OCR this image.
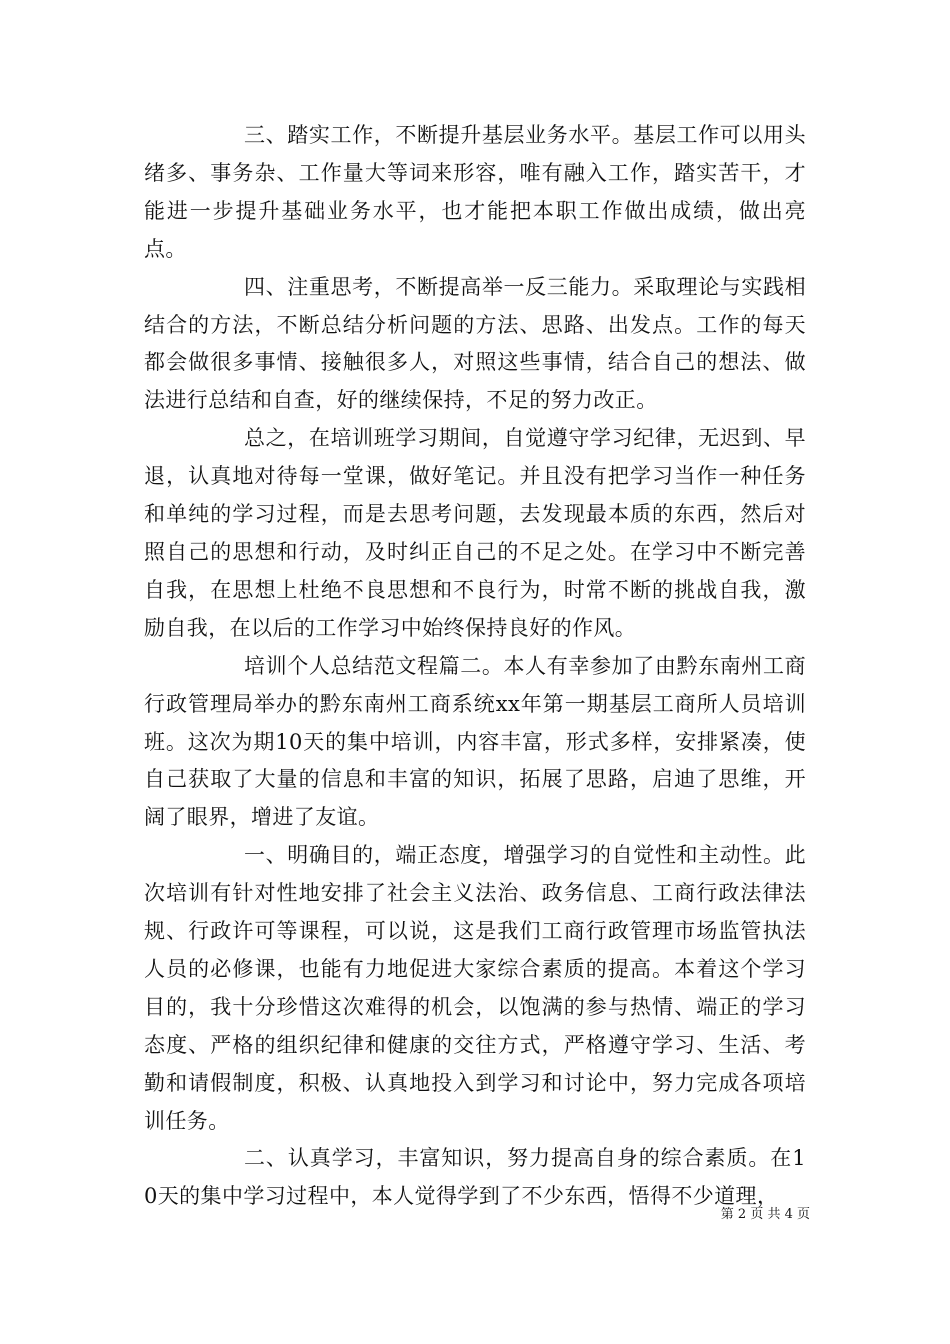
三、踏实工作，不断提升基层业务水平。基层工作可以用头绪多、事务杂、工作量大等词来形容，唯有融入工作，踏实苦干，才能进一步提升基础业务水平，也才能把本职工作做出成绩，做出亮点。

四、注重思考，不断提高举一反三能力。采取理论与实践相结合的方法，不断总结分析问题的方法、思路、出发点。工作的每天都会做很多事情、接触很多人，对照这些事情，结合自己的想法、做法进行总结和自查，好的继续保持，不足的努力改正。

总之，在培训班学习期间，自觉遵守学习纪律，无迟到、早退，认真地对待每一堂课，做好笔记。并且没有把学习当作一种任务和单纯的学习过程，而是去思考问题，去发现最本质的东西，然后对照自己的思想和行动，及时纠正自己的不足之处。在学习中不断完善自我，在思想上杜绝不良思想和不良行为，时常不断的挑战自我，激励自我，在以后的工作学习中始终保持良好的作风。

培训个人总结范文程篇二。本人有幸参加了由黔东南州工商行政管理局举办的黔东南州工商系统xx年第一期基层工商所人员培训班。这次为期10天的集中培训，内容丰富，形式多样，安排紧凑，使自己获取了大量的信息和丰富的知识，拓展了思路，启迪了思维，开阔了眼界，增进了友谊。

一、明确目的，端正态度，增强学习的自觉性和主动性。此次培训有针对性地安排了社会主义法治、政务信息、工商行政法律法规、行政许可等课程，可以说，这是我们工商行政管理市场监管执法人员的必修课，也能有力地促进大家综合素质的提高。本着这个学习目的，我十分珍惜这次难得的机会，以饱满的参与热情、端正的学习态度、严格的组织纪律和健康的交往方式，严格遵守学习、生活、考勤和请假制度，积极、认真地投入到学习和讨论中，努力完成各项培训任务。

二、认真学习，丰富知识，努力提高自身的综合素质。在10天的集中学习过程中，本人觉得学到了不少东西，悟得不少道理，

第 2 页 共 4 页
